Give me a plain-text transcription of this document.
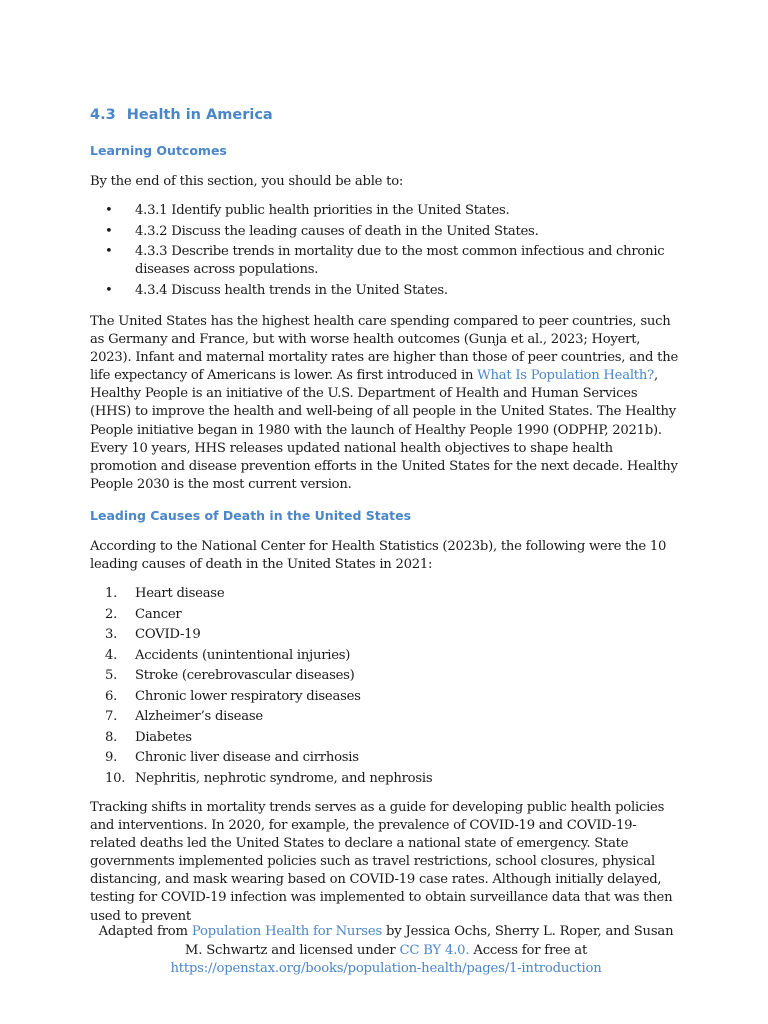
4.3 Health in America
Learning Outcomes

By the end of this section, you should be able to:

• 4.3.1 Identify public health priorities in the United States.
• 4.3.2 Discuss the leading causes of death in the United States.
• 4.3.3 Describe trends in mortality due to the most common infectious and chronic diseases across populations.
• 4.3.4 Discuss health trends in the United States.

The United States has the highest health care spending compared to peer countries, such as Germany and France, but with worse health outcomes (Gunja et al., 2023; Hoyert, 2023). Infant and maternal mortality rates are higher than those of peer countries, and the life expectancy of Americans is lower. As first introduced in What Is Population Health?, Healthy People is an initiative of the U.S. Department of Health and Human Services (HHS) to improve the health and well-being of all people in the United States. The Healthy People initiative began in 1980 with the launch of Healthy People 1990 (ODPHP, 2021b). Every 10 years, HHS releases updated national health objectives to shape health promotion and disease prevention efforts in the United States for the next decade. Healthy People 2030 is the most current version.

Leading Causes of Death in the United States

According to the National Center for Health Statistics (2023b), the following were the 10 leading causes of death in the United States in 2021:

1. Heart disease
2. Cancer
3. COVID-19
4. Accidents (unintentional injuries)
5. Stroke (cerebrovascular diseases)
6. Chronic lower respiratory diseases
7. Alzheimer’s disease
8. Diabetes
9. Chronic liver disease and cirrhosis
10. Nephritis, nephrotic syndrome, and nephrosis

Tracking shifts in mortality trends serves as a guide for developing public health policies and interventions. In 2020, for example, the prevalence of COVID-19 and COVID-19-related deaths led the United States to declare a national state of emergency. State governments implemented policies such as travel restrictions, school closures, physical distancing, and mask wearing based on COVID-19 case rates. Although initially delayed, testing for COVID-19 infection was implemented to obtain surveillance data that was then used to prevent

Adapted from Population Health for Nurses by Jessica Ochs, Sherry L. Roper, and Susan M. Schwartz and licensed under CC BY 4.0. Access for free at
https://openstax.org/books/population-health/pages/1-introduction
